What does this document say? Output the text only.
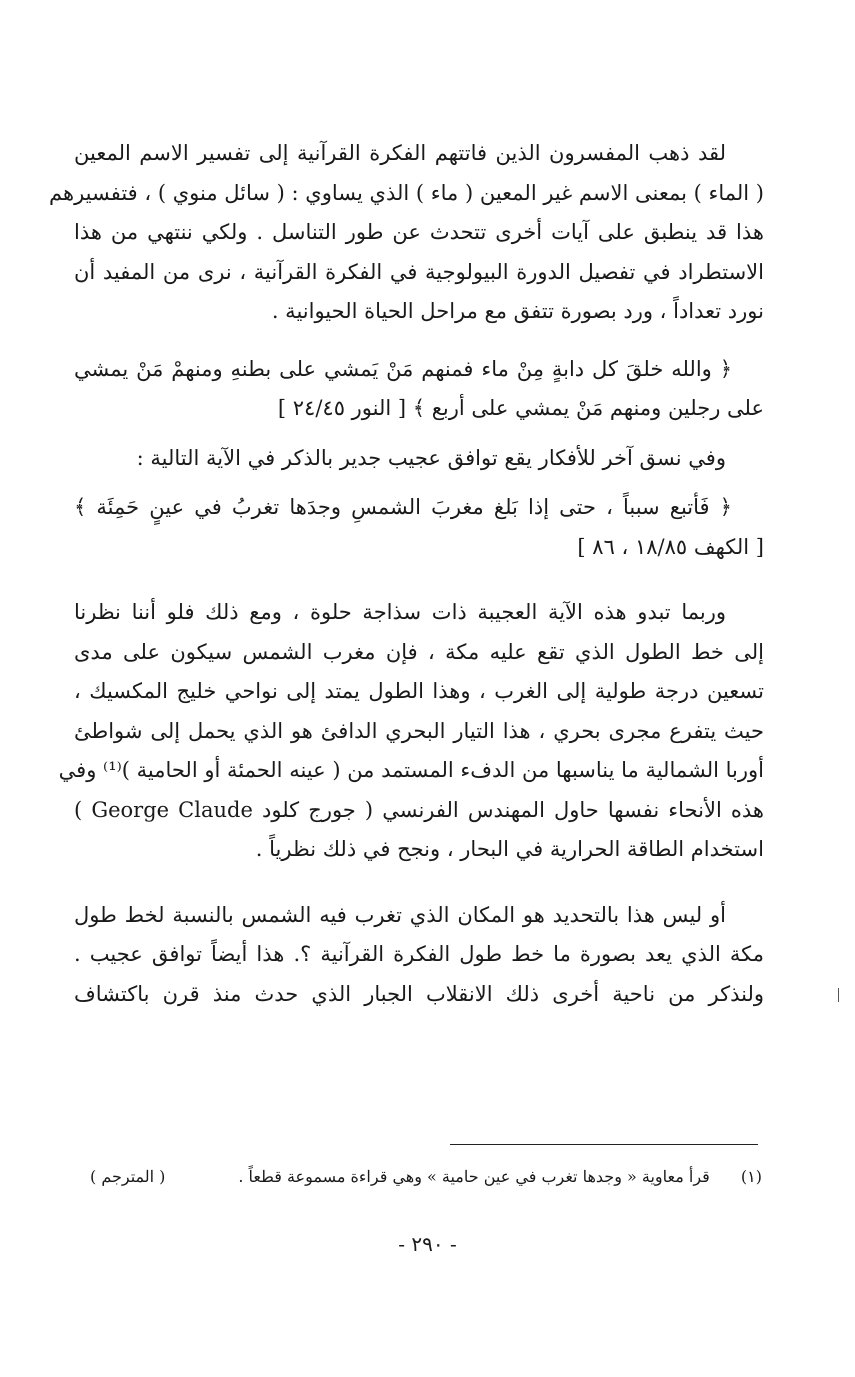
لقد ذهب المفسرون الذين فاتتهم الفكرة القرآنية إلى تفسير الاسم المعين
( الماء ) بمعنى الاسم غير المعين ( ماء ) الذي يساوي : ( سائل منوي ) ، فتفسيرهم
هذا قد ينطبق على آيات أخرى تتحدث عن طور التناسل . ولكي ننتهي من هذا
الاستطراد في تفصيل الدورة البيولوجية في الفكرة القرآنية ، نرى من المفيد أن
نورد تعداداً ، ورد بصورة تتفق مع مراحل الحياة الحيوانية .
﴿ والله خلقَ كل دابةٍ مِنْ ماء فمنهم مَنْ يَمشي على بطنهِ ومنهمْ مَنْ يمشي
على رجلين ومنهم مَنْ يمشي على أربع ﴾ [ النور ٢٤/٤٥ ]
وفي نسق آخر للأفكار يقع توافق عجيب جدير بالذكر في الآية التالية :
﴿ فَأتبع سبباً ، حتى إذا بَلغ مغربَ الشمسِ وجدَها تغربُ في عينٍ حَمِئَة ﴾
[ الكهف ١٨/٨٥ ، ٨٦ ]
وربما تبدو هذه الآية العجيبة ذات سذاجة حلوة ، ومع ذلك فلو أننا نظرنا
إلى خط الطول الذي تقع عليه مكة ، فإن مغرب الشمس سيكون على مدى
تسعين درجة طولية إلى الغرب ، وهذا الطول يمتد إلى نواحي خليج المكسيك ،
حيث يتفرع مجرى بحري ، هذا التيار البحري الدافئ هو الذي يحمل إلى شواطئ
أوربا الشمالية ما يناسبها من الدفء المستمد من ( عينه الحمئة أو الحامية )⁽¹⁾ وفي
هذه الأنحاء نفسها حاول المهندس الفرنسي ( جورج كلود George Claude )
استخدام الطاقة الحرارية في البحار ، ونجح في ذلك نظرياً .
أو ليس هذا بالتحديد هو المكان الذي تغرب فيه الشمس بالنسبة لخط طول
مكة الذي يعد بصورة ما خط طول الفكرة القرآنية ؟. هذا أيضاً توافق عجيب .
ولنذكر من ناحية أخرى ذلك الانقلاب الجبار الذي حدث منذ قرن باكتشاف
(١) قرأ معاوية « وجدها تغرب في عين حامية » وهي قراءة مسموعة قطعاً .
( المترجم )
- ٢٩٠ -
